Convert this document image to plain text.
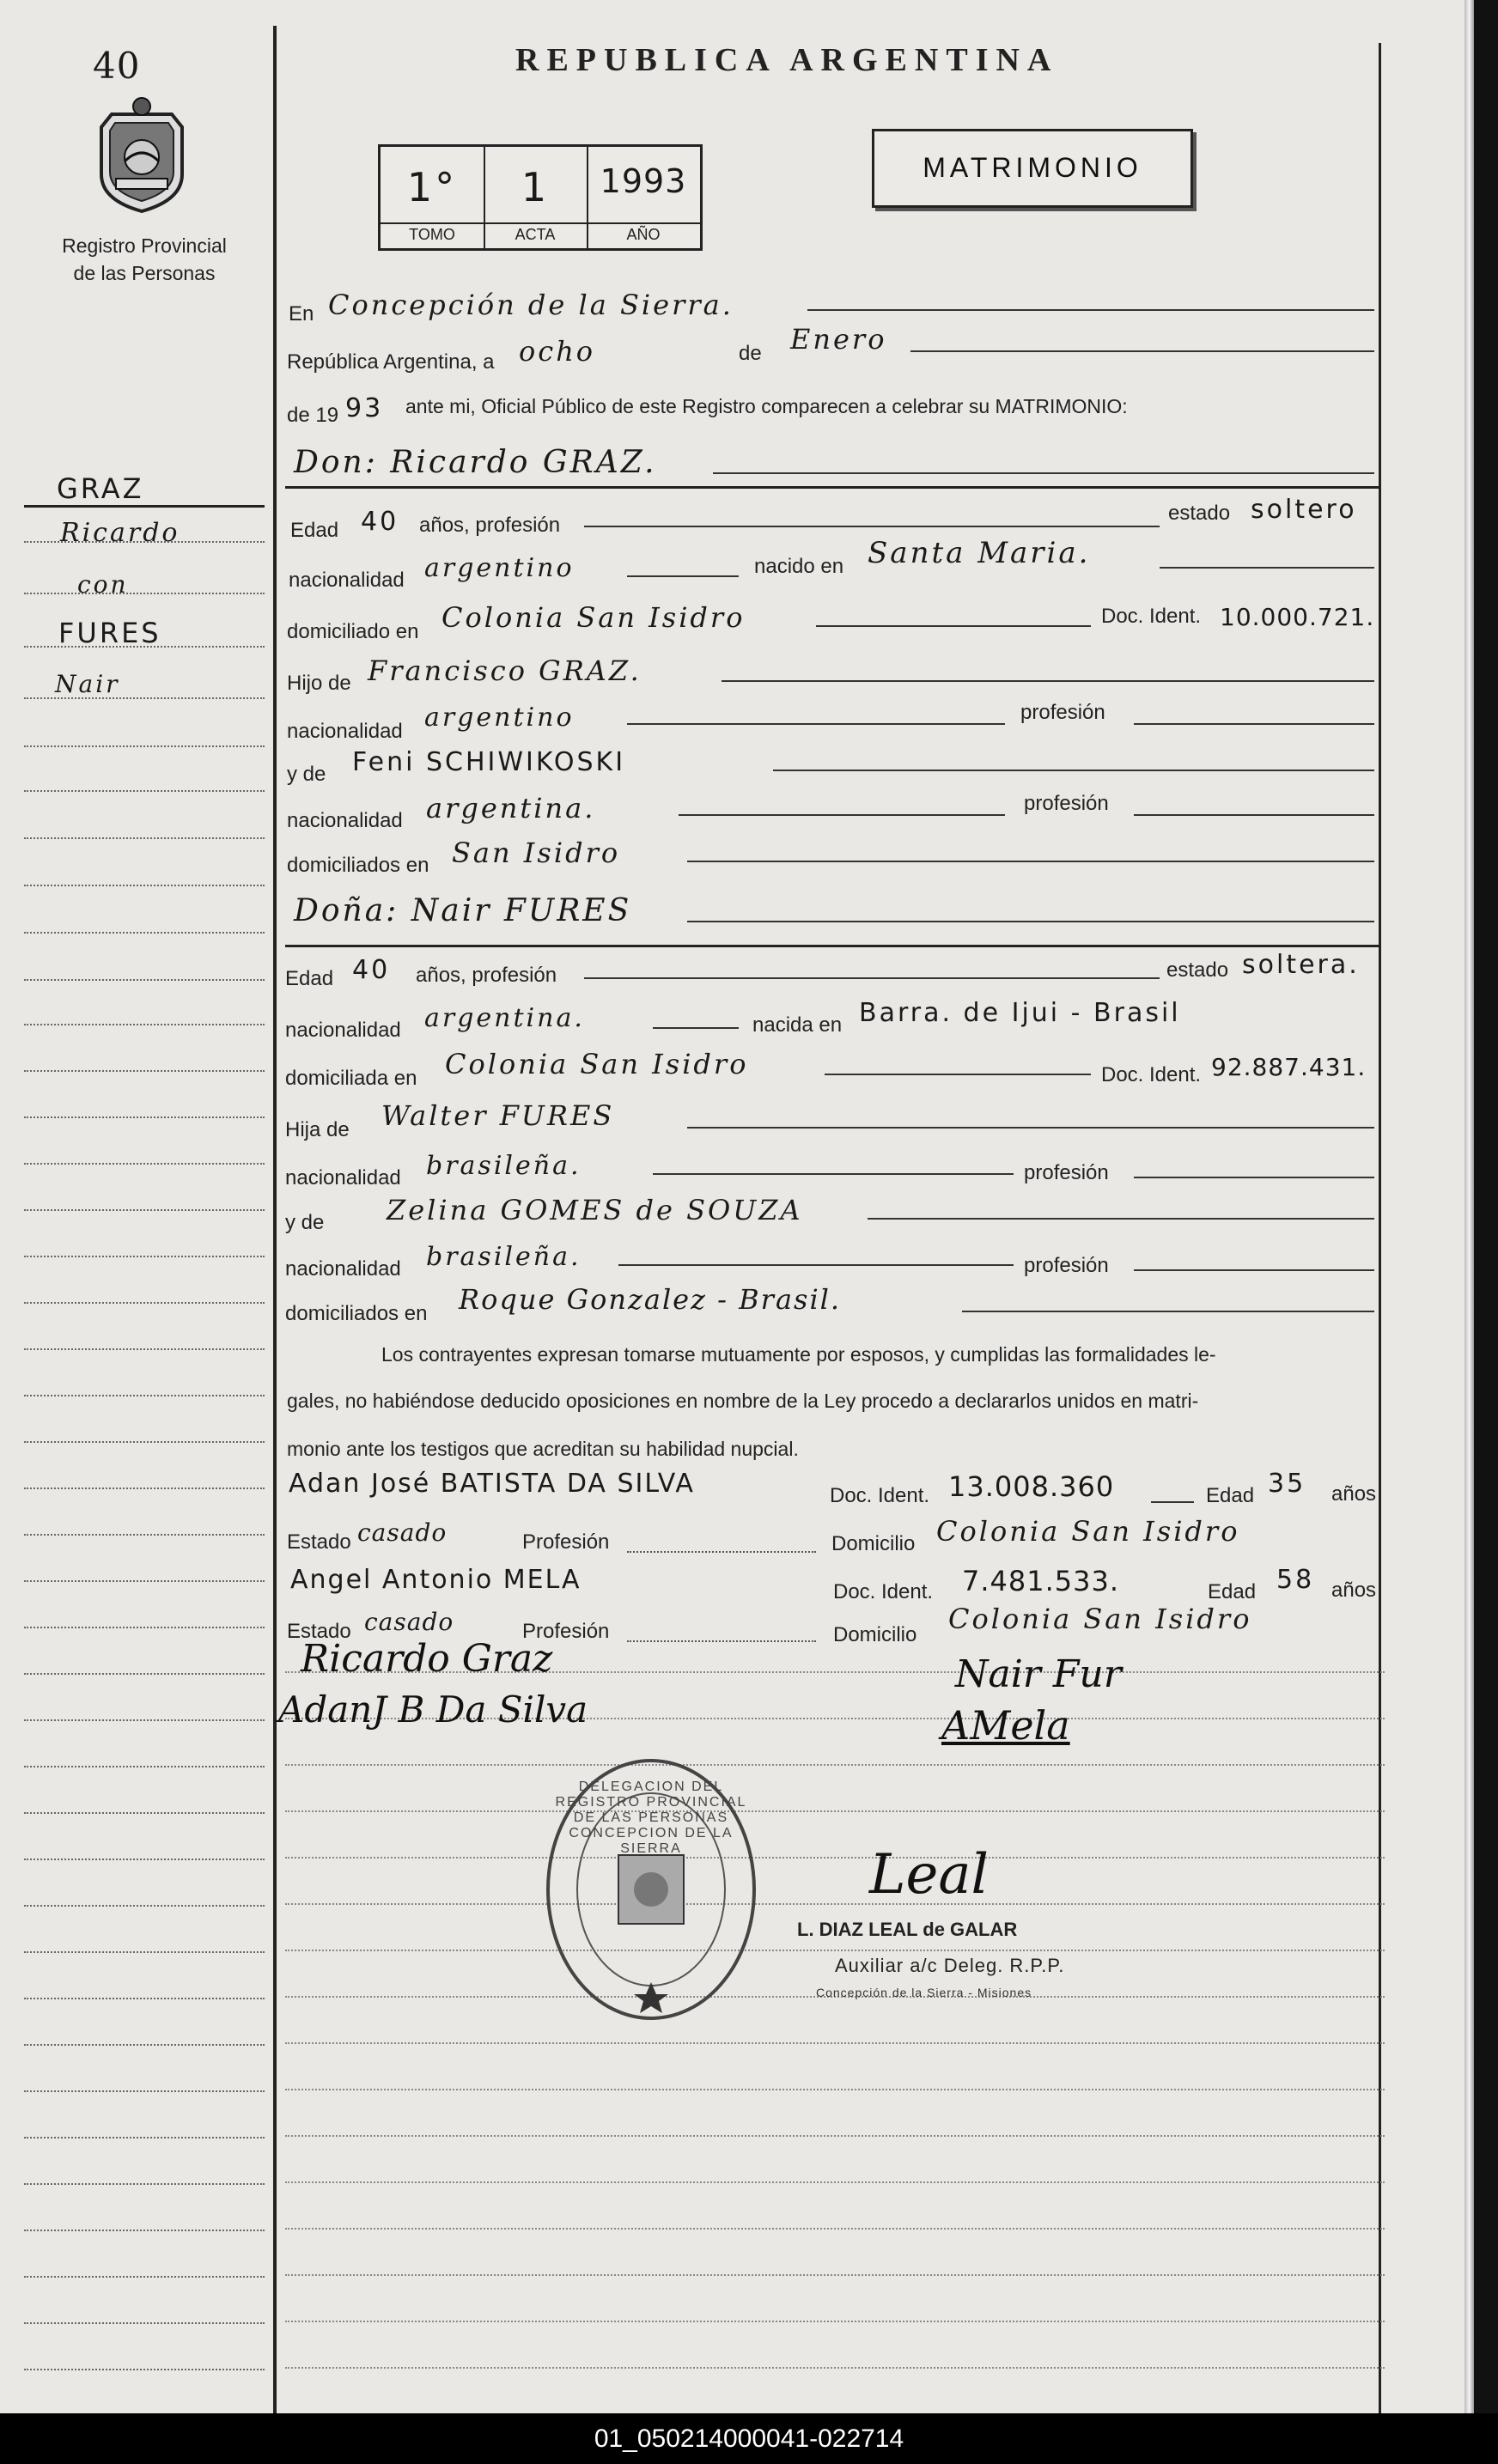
40
Registro Provincial
de las Personas
REPUBLICA ARGENTINA
1°	1	1993
TOMO	ACTA	AÑO
MATRIMONIO
GRAZ
Ricardo
con
FURES
Nair
En Concepción de la Sierra.
República Argentina, a ocho	de Enero
de 19 93 ante mi, Oficial Público de este Registro comparecen a celebrar su MATRIMONIO:
Don: Ricardo GRAZ.
Edad 40 años, profesión
estado soltero
nacionalidad argentino	nacido en Santa Maria.
domiciliado en Colonia San Isidro	Doc. Ident. 10.000.721.
Hijo de Francisco GRAZ.
nacionalidad argentino	profesión
y de Feni SCHIWIKOSKI
nacionalidad argentina.	profesión
domiciliados en San Isidro
Doña: Nair FURES
Edad 40 años, profesión	estado soltera.
nacionalidad argentina.	nacida en Barra. de Ijui - Brasil
domiciliada en Colonia San Isidro	Doc. Ident. 92.887.431.
Hija de Walter FURES
nacionalidad brasileña.	profesión
y de Zelina GOMES de SOUZA
nacionalidad brasileña.	profesión
domiciliados en Roque Gonzalez - Brasil.
Los contrayentes expresan tomarse mutuamente por esposos, y cumplidas las formalidades le-
gales, no habiéndose deducido oposiciones en nombre de la Ley procedo a declararlos unidos en matri-
monio ante los testigos que acreditan su habilidad nupcial.
Adan José BATISTA DA SILVA	Doc. Ident. 13.008.360	Edad 35 años
Estado casado	Profesión	Domicilio Colonia San Isidro
Angel Antonio MELA	Doc. Ident. 7.481.533.	Edad 58 años
Estado casado	Profesión	Domicilio Colonia San Isidro
Ricardo Graz
AdanJ B Da Silva
Nair Fur
AMela
DELEGACION DEL REGISTRO PROVINCIAL DE LAS PERSONAS CONCEPCION DE LA SIERRA	Leal
L. DIAZ LEAL de GALAR
Auxiliar a/c Deleg. R.P.P.
Concepción de la Sierra - Misiones
01_050214000041-022714
